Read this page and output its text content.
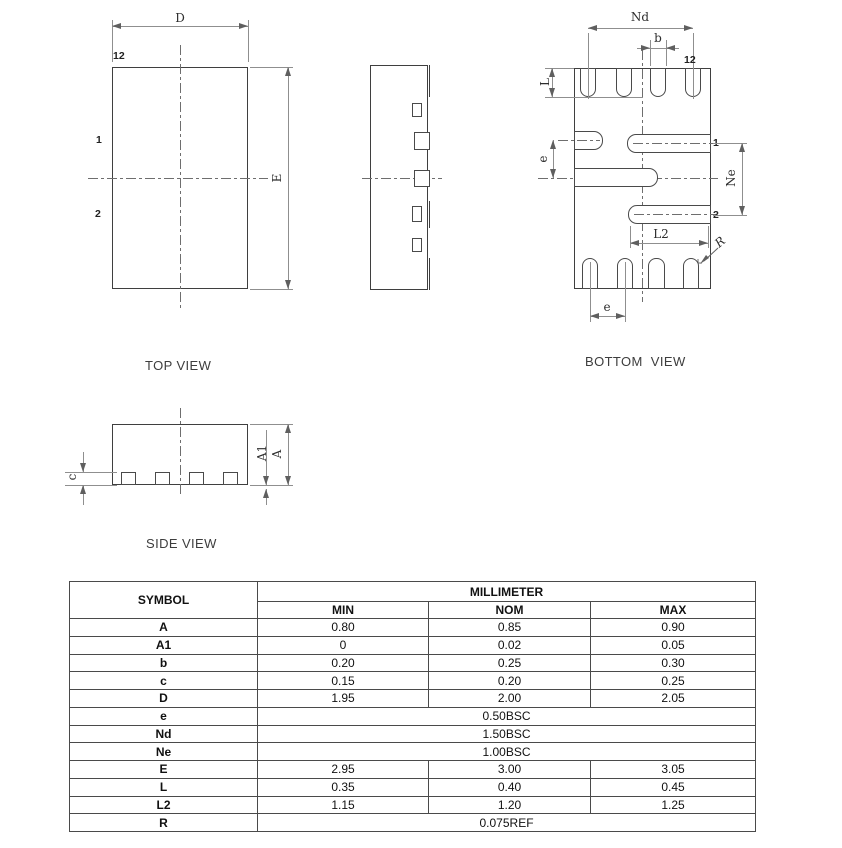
D
E
12
1
2
TOP VIEW
Nd
b
12
L
e
Ne
L2	R
e
BOTTOM  VIEW
c
A
A1
SIDE VIEW
SYMBOL	MILLIMETER		
	MIN	NOM	MAX
A	0.80	0.85	0.90
A1	0	0.02	0.05
b	0.20	0.25	0.30
c	0.15	0.20	0.25
D	1.95	2.00	2.05
e	0.50BSC		
Nd	1.50BSC		
Ne	1.00BSC		
E	2.95	3.00	3.05
L	0.35	0.40	0.45
L2	1.15	1.20	1.25
R	0.075REF		
